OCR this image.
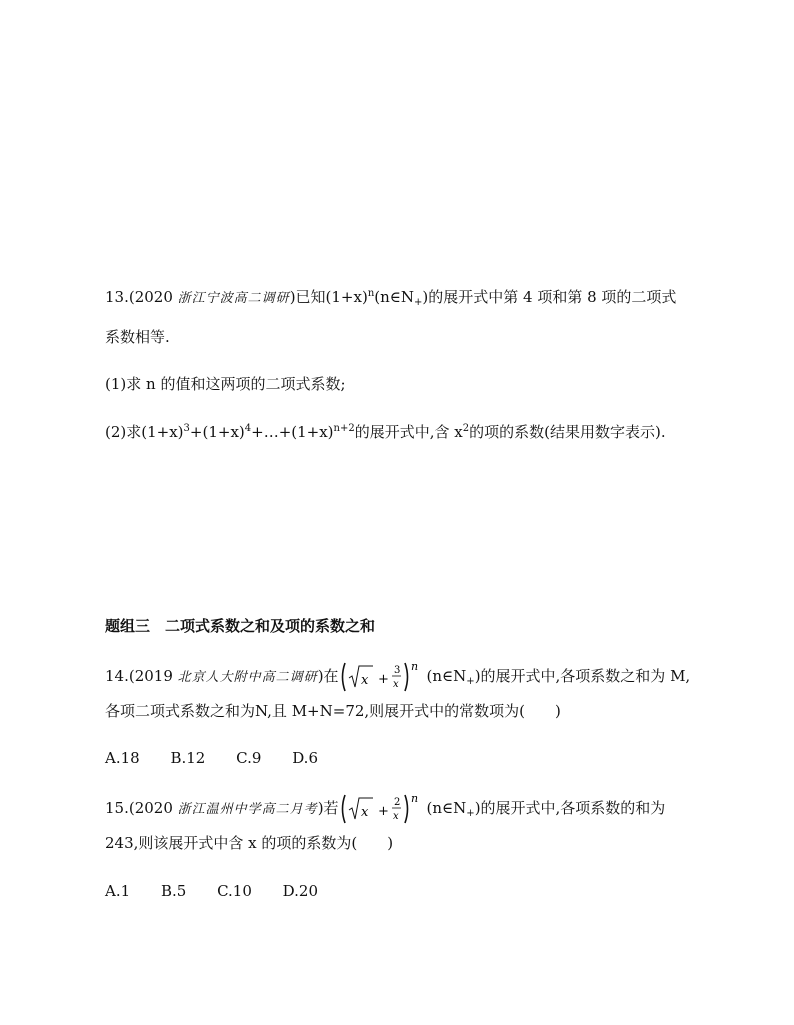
13.(2020 浙江宁波高二调研)已知$(1+x)^n(n\in N_+)$的展开式中第 4 项和第 8 项的二项式
系数相等.
(1)求 n 的值和这两项的二项式系数;
(2)求$(1+x)^3+(1+x)^4+\dots+(1+x)^{n+2}$的展开式中,含 $x^2$的项的系数(结果用数字表示).
题组三　 二项式系数之和及项的系数之和
14.(2019 北京人大附中高二调研)在 x +
3
x
n
$(n\in N_+)$的展开式中,各项系数之和为 M,
各项二项式系数之和为N,且 M+N=72,则展开式中的常数项为(　　)
A.18 B.12 C.9 D.6
15.(2020 浙江温州中学高二月考)若 x +
2
x
n
$(n\in N_+)$的展开式中,各项系数的和为
243,则该展开式中含 x 的项的系数为(　　)
A.1 B.5 C.10 D.20
